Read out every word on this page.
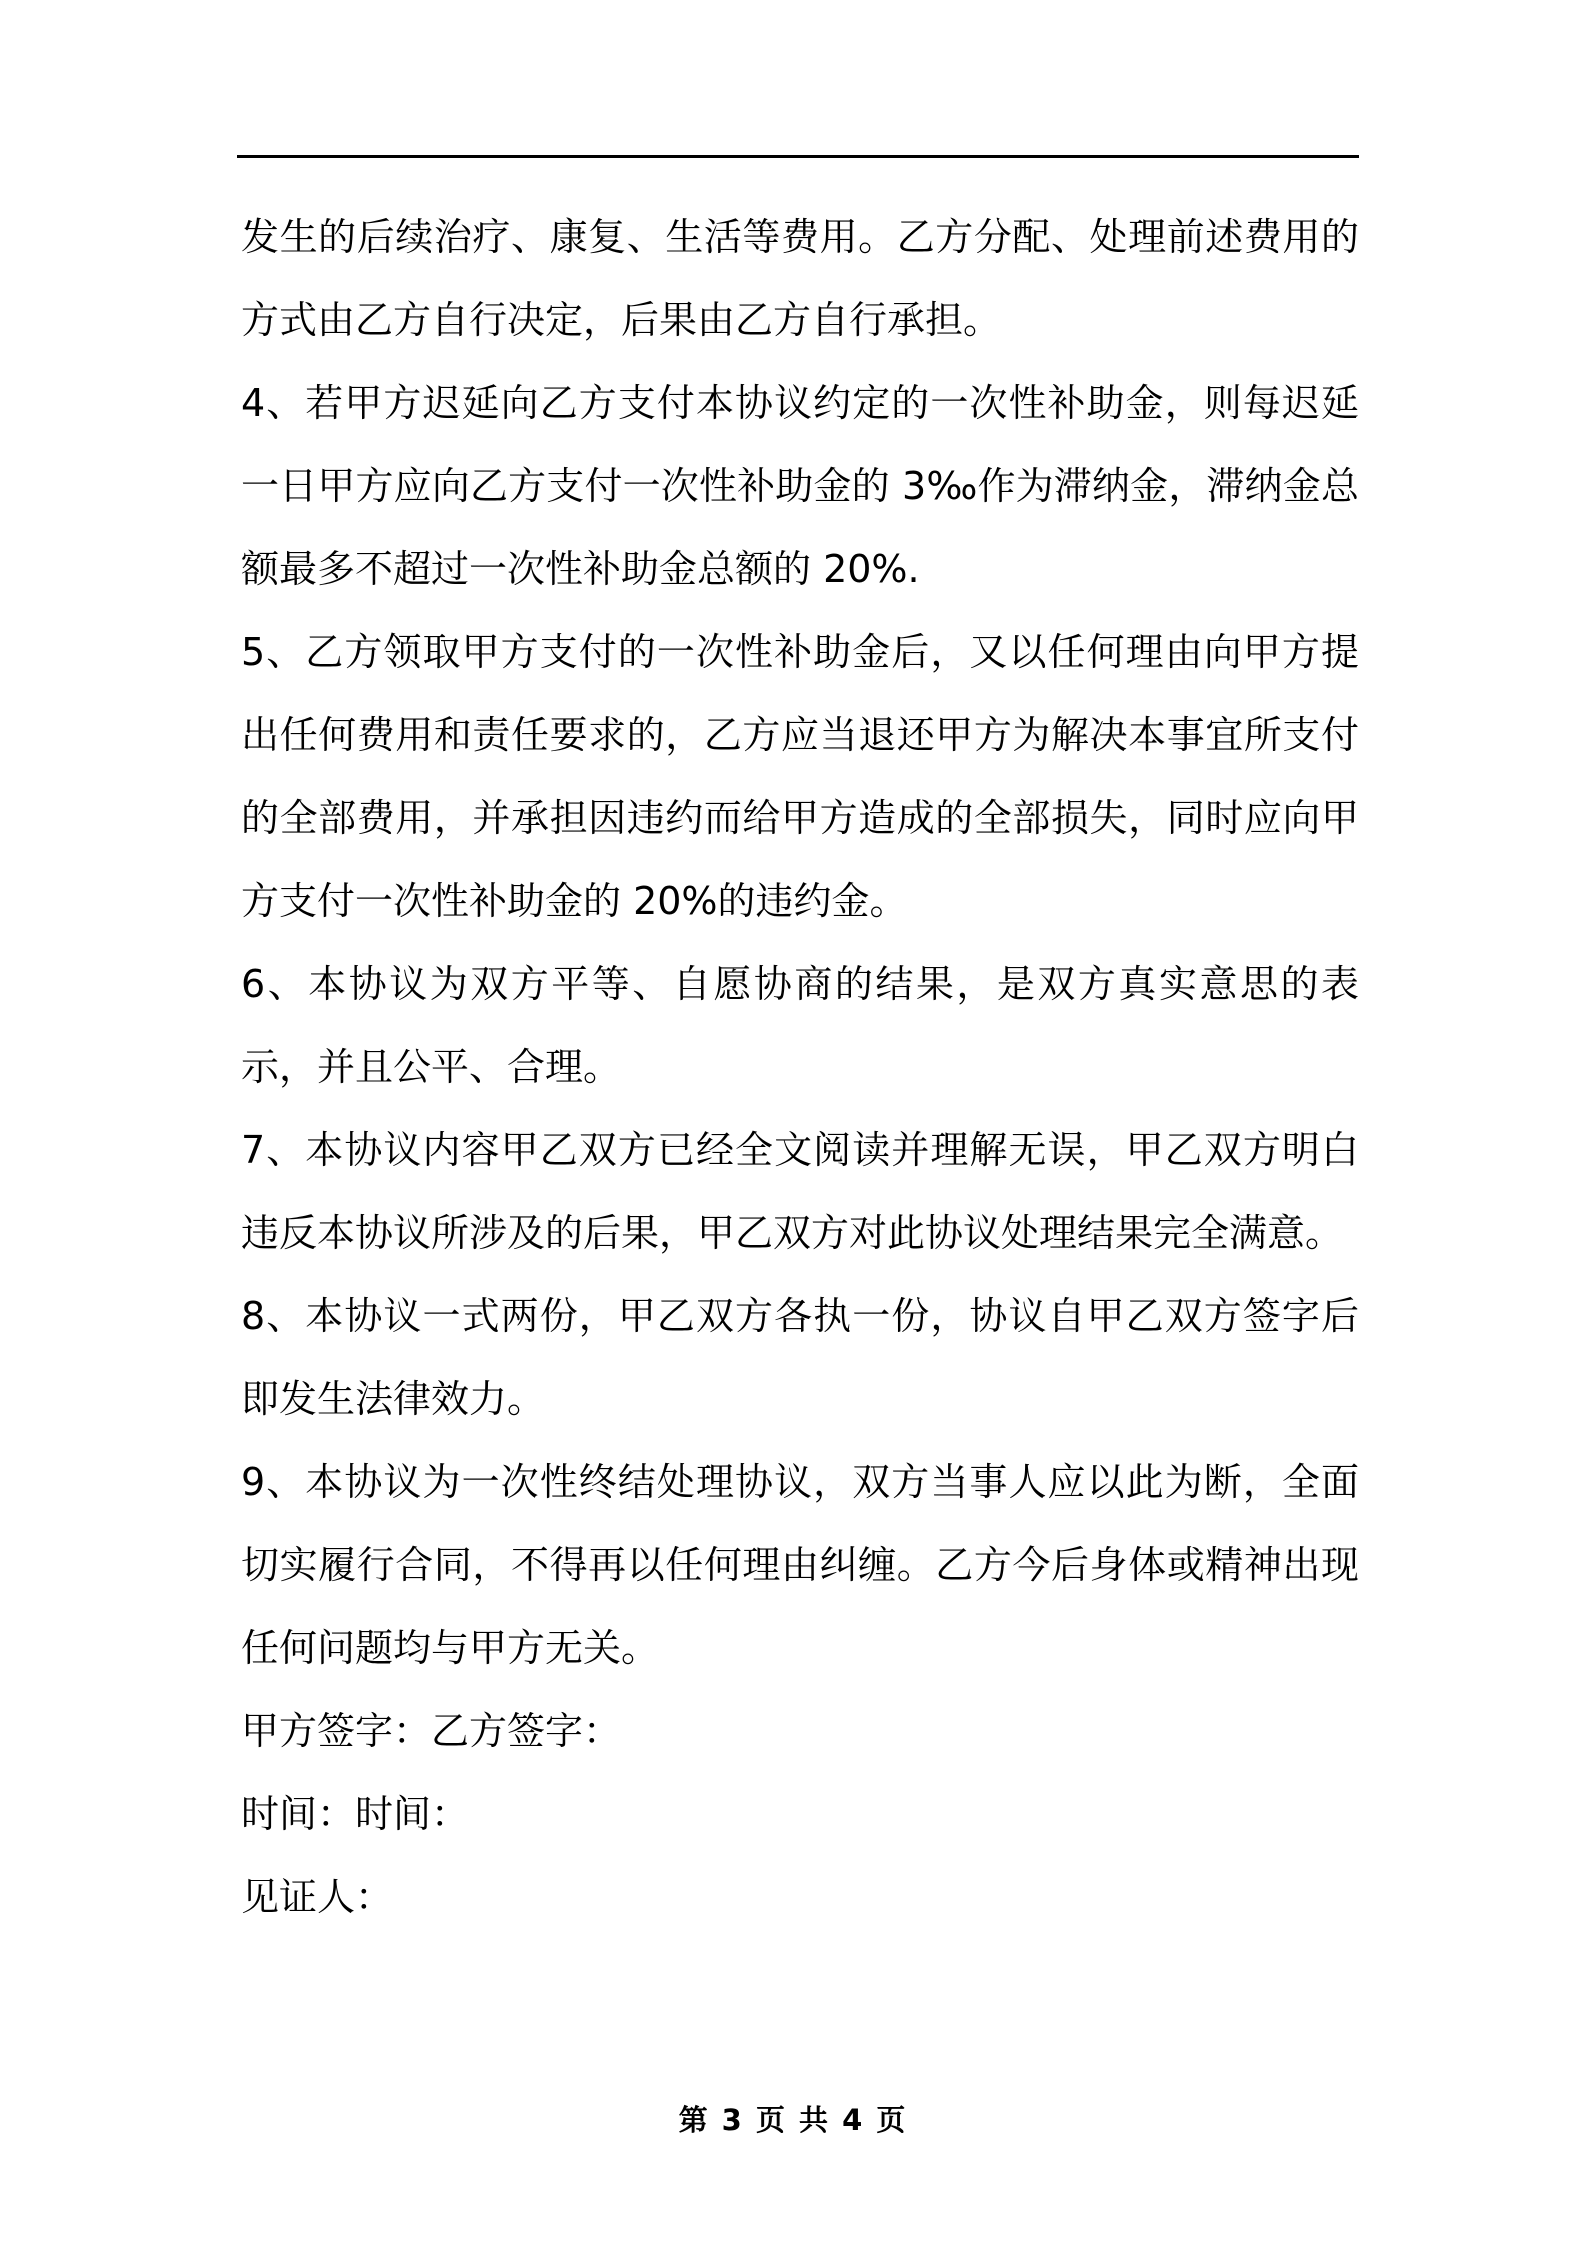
发生的后续治疗、康复、生活等费用。乙方分配、处理前述费用的方式由乙方自行决定，后果由乙方自行承担。

4、若甲方迟延向乙方支付本协议约定的一次性补助金，则每迟延一日甲方应向乙方支付一次性补助金的 3‰作为滞纳金，滞纳金总额最多不超过一次性补助金总额的 20%.

5、乙方领取甲方支付的一次性补助金后，又以任何理由向甲方提出任何费用和责任要求的，乙方应当退还甲方为解决本事宜所支付的全部费用，并承担因违约而给甲方造成的全部损失，同时应向甲方支付一次性补助金的 20%的违约金。

6、本协议为双方平等、自愿协商的结果，是双方真实意思的表示，并且公平、合理。

7、本协议内容甲乙双方已经全文阅读并理解无误，甲乙双方明白违反本协议所涉及的后果，甲乙双方对此协议处理结果完全满意。

8、本协议一式两份，甲乙双方各执一份，协议自甲乙双方签字后即发生法律效力。

9、本协议为一次性终结处理协议，双方当事人应以此为断，全面切实履行合同，不得再以任何理由纠缠。乙方今后身体或精神出现任何问题均与甲方无关。

甲方签字：乙方签字：

时间：时间：

见证人：

第 3 页 共 4 页
